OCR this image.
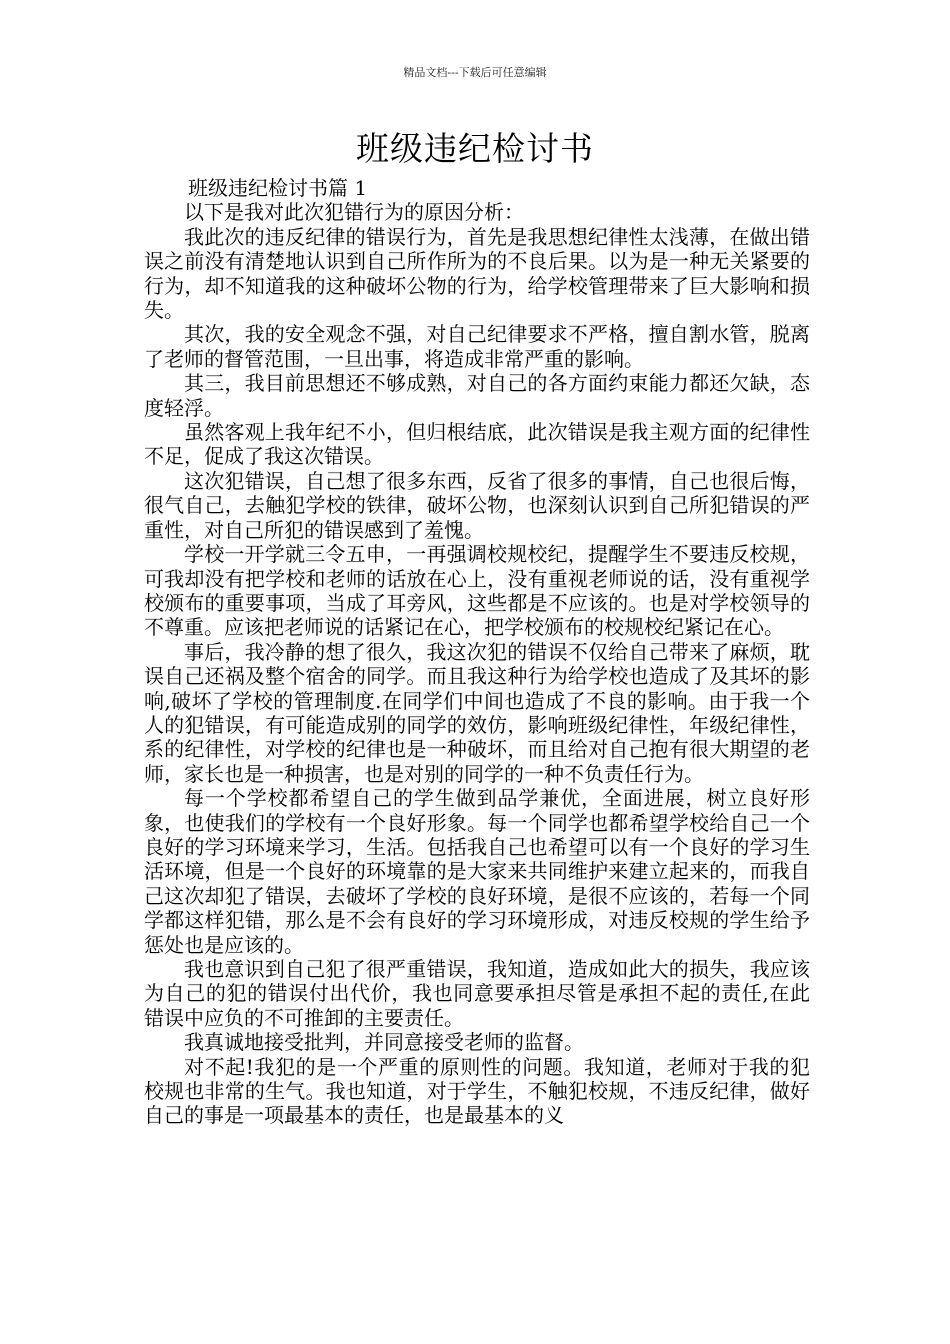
精品文档---下载后可任意编辑
班级违纪检讨书

班级违纪检讨书篇 1

以下是我对此次犯错行为的原因分析：

我此次的违反纪律的错误行为，首先是我思想纪律性太浅薄，在做出错误之前没有清楚地认识到自己所作所为的不良后果。以为是一种无关紧要的行为，却不知道我的这种破坏公物的行为，给学校管理带来了巨大影响和损失。

其次，我的安全观念不强，对自己纪律要求不严格，擅自割水管，脱离了老师的督管范围，一旦出事，将造成非常严重的影响。

其三，我目前思想还不够成熟，对自己的各方面约束能力都还欠缺，态度轻浮。

虽然客观上我年纪不小，但归根结底，此次错误是我主观方面的纪律性不足，促成了我这次错误。

这次犯错误，自己想了很多东西，反省了很多的事情，自己也很后悔，很气自己，去触犯学校的铁律，破坏公物，也深刻认识到自己所犯错误的严重性，对自己所犯的错误感到了羞愧。

学校一开学就三令五申，一再强调校规校纪，提醒学生不要违反校规，可我却没有把学校和老师的话放在心上，没有重视老师说的话，没有重视学校颁布的重要事项，当成了耳旁风，这些都是不应该的。也是对学校领导的不尊重。应该把老师说的话紧记在心，把学校颁布的校规校纪紧记在心。

事后，我冷静的想了很久，我这次犯的错误不仅给自己带来了麻烦，耽误自己还祸及整个宿舍的同学。而且我这种行为给学校也造成了及其坏的影响,破坏了学校的管理制度.在同学们中间也造成了不良的影响。由于我一个人的犯错误，有可能造成别的同学的效仿，影响班级纪律性，年级纪律性，系的纪律性，对学校的纪律也是一种破坏，而且给对自己抱有很大期望的老师，家长也是一种损害，也是对别的同学的一种不负责任行为。

每一个学校都希望自己的学生做到品学兼优，全面进展，树立良好形象，也使我们的学校有一个良好形象。每一个同学也都希望学校给自己一个良好的学习环境来学习，生活。包括我自己也希望可以有一个良好的学习生活环境，但是一个良好的环境靠的是大家来共同维护来建立起来的，而我自己这次却犯了错误，去破坏了学校的良好环境，是很不应该的，若每一个同学都这样犯错，那么是不会有良好的学习环境形成，对违反校规的学生给予惩处也是应该的。

我也意识到自己犯了很严重错误，我知道，造成如此大的损失，我应该为自己的犯的错误付出代价，我也同意要承担尽管是承担不起的责任,在此错误中应负的不可推卸的主要责任。

我真诚地接受批判，并同意接受老师的监督。

对不起!我犯的是一个严重的原则性的问题。我知道，老师对于我的犯校规也非常的生气。我也知道，对于学生，不触犯校规，不违反纪律，做好自己的事是一项最基本的责任，也是最基本的义
